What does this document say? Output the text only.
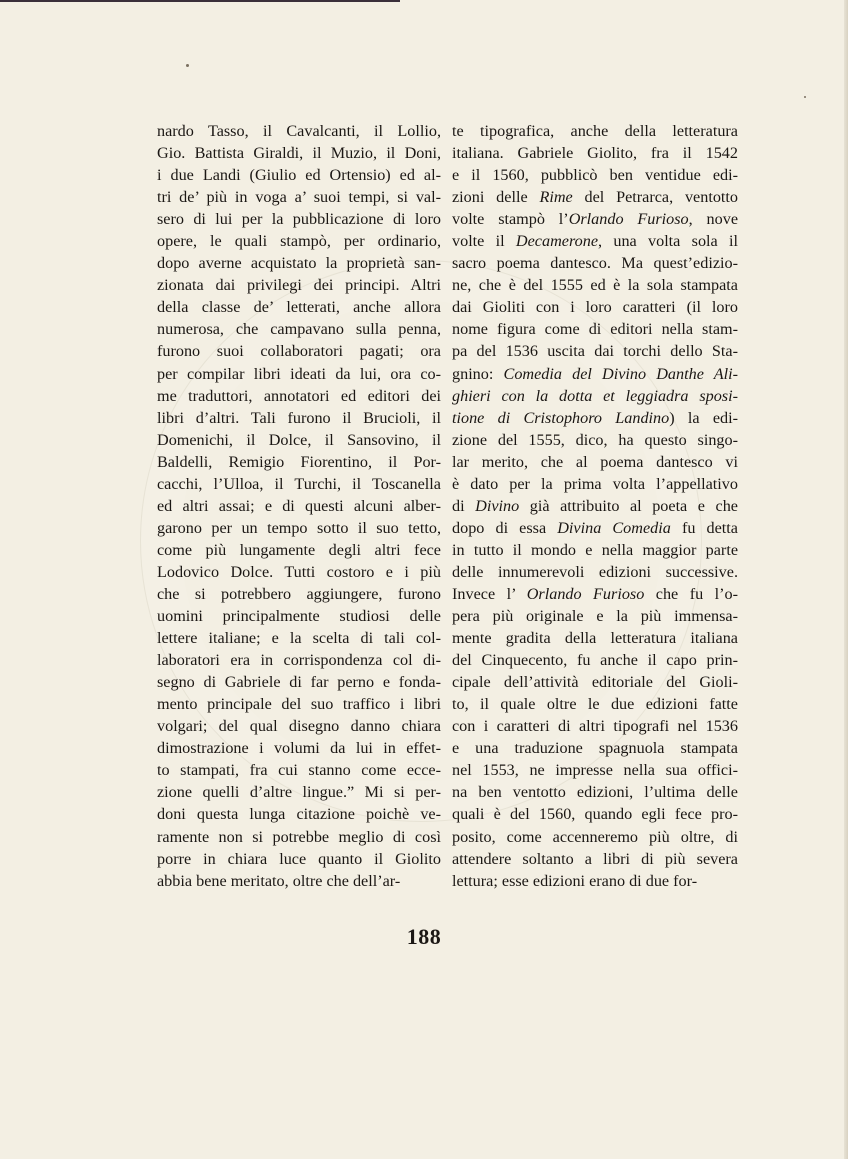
nardo Tasso, il Cavalcanti, il Lollio,
Gio. Battista Giraldi, il Muzio, il Doni,
i due Landi (Giulio ed Ortensio) ed al-
tri de’ più in voga a’ suoi tempi, si val-
sero di lui per la pubblicazione di loro
opere, le quali stampò, per ordinario,
dopo averne acquistato la proprietà san-
zionata dai privilegi dei principi. Altri
della classe de’ letterati, anche allora
numerosa, che campavano sulla penna,
furono suoi collaboratori pagati; ora
per compilar libri ideati da lui, ora co-
me traduttori, annotatori ed editori dei
libri d’altri. Tali furono il Brucioli, il
Domenichi, il Dolce, il Sansovino, il
Baldelli, Remigio Fiorentino, il Por-
cacchi, l’Ulloa, il Turchi, il Toscanella
ed altri assai; e di questi alcuni alber-
garono per un tempo sotto il suo tetto,
come più lungamente degli altri fece
Lodovico Dolce. Tutti costoro e i più
che si potrebbero aggiungere, furono
uomini principalmente studiosi delle
lettere italiane; e la scelta di tali col-
laboratori era in corrispondenza col di-
segno di Gabriele di far perno e fonda-
mento principale del suo traffico i libri
volgari; del qual disegno danno chiara
dimostrazione i volumi da lui in effet-
to stampati, fra cui stanno come ecce-
zione quelli d’altre lingue.” Mi si per-
doni questa lunga citazione poichè ve-
ramente non si potrebbe meglio di così
porre in chiara luce quanto il Giolito
abbia bene meritato, oltre che dell’ar-
te tipografica, anche della letteratura
italiana. Gabriele Giolito, fra il 1542
e il 1560, pubblicò ben ventidue edi-
zioni delle Rime del Petrarca, ventotto
volte stampò l’Orlando Furioso, nove
volte il Decamerone, una volta sola il
sacro poema dantesco. Ma quest’edizio-
ne, che è del 1555 ed è la sola stampata
dai Gioliti con i loro caratteri (il loro
nome figura come di editori nella stam-
pa del 1536 uscita dai torchi dello Sta-
gnino: Comedia del Divino Danthe Ali-
ghieri con la dotta et leggiadra sposi-
tione di Cristophoro Landino) la edi-
zione del 1555, dico, ha questo singo-
lar merito, che al poema dantesco vi
è dato per la prima volta l’appellativo
di Divino già attribuito al poeta e che
dopo di essa Divina Comedia fu detta
in tutto il mondo e nella maggior parte
delle innumerevoli edizioni successive.
Invece l’ Orlando Furioso che fu l’o-
pera più originale e la più immensa-
mente gradita della letteratura italiana
del Cinquecento, fu anche il capo prin-
cipale dell’attività editoriale del Gioli-
to, il quale oltre le due edizioni fatte
con i caratteri di altri tipografi nel 1536
e una traduzione spagnuola stampata
nel 1553, ne impresse nella sua offici-
na ben ventotto edizioni, l’ultima delle
quali è del 1560, quando egli fece pro-
posito, come accenneremo più oltre, di
attendere soltanto a libri di più severa
lettura; esse edizioni erano di due for-
188
